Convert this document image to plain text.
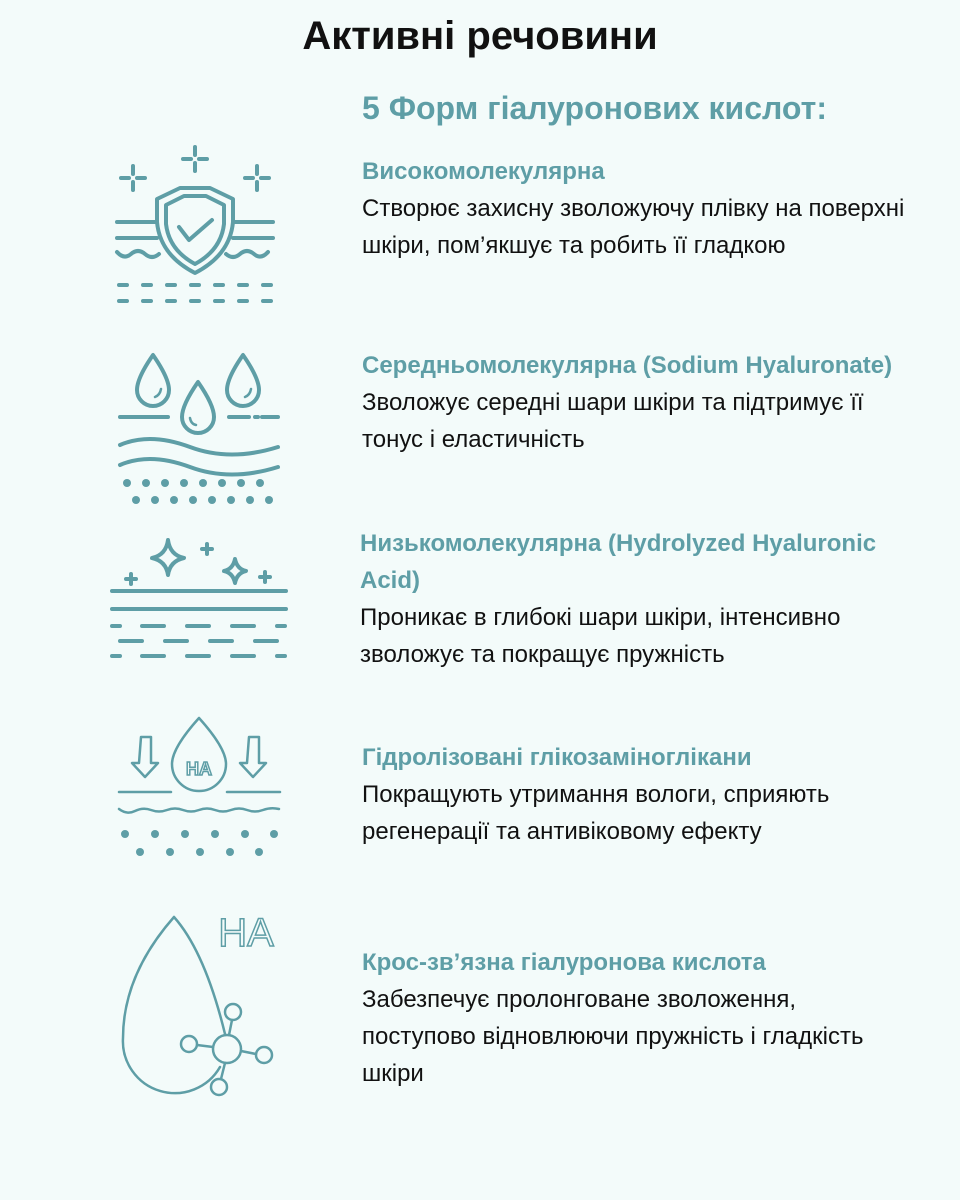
Активні речовини
5 Форм гіалуронових кислот:
HA
HA
Високомолекулярна

Створює захисну зволожуючу плівку на поверхні шкіри, пом’якшує та робить її гладкою

Середньомолекулярна (Sodium Hyaluronate)

Зволожує середні шари шкіри та підтримує її тонус і еластичність

Низькомолекулярна (Hydrolyzed Hyaluronic Acid)

Проникає в глибокі шари шкіри, інтенсивно зволожує та покращує пружність

Гідролізовані глікозаміноглікани

Покращують утримання вологи, сприяють регенерації та антивіковому ефекту

Крос-зв’язна гіалуронова кислота

Забезпечує пролонговане зволоження, поступово відновлюючи пружність і гладкість шкіри
